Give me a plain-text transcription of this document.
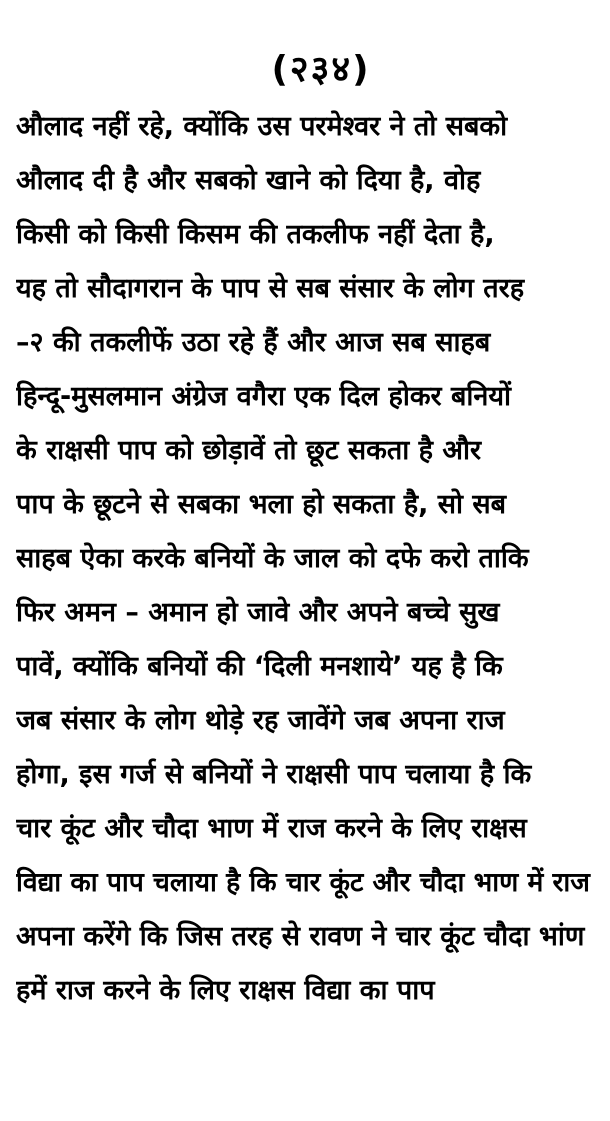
(२३४)
औलाद नहीं रहे, क्योंकि उस परमेश्वर ने तो सबको
औलाद दी है और सबको खाने को दिया है, वोह
किसी को किसी किसम की तकलीफ नहीं देता है,
यह तो सौदागरान के पाप से सब संसार के लोग तरह
–२ की तकलीफें उठा रहे हैं और आज सब साहब
हिन्दू-मुसलमान अंग्रेज वगैरा एक दिल होकर बनियों
के राक्षसी पाप को छोड़ावें तो छूट सकता है और
पाप के छूटने से सबका भला हो सकता है, सो सब
साहब ऐका करके बनियों के जाल को दफे करो ताकि
फिर अमन – अमान हो जावे और अपने बच्चे सुख
पावें, क्योंकि बनियों की ‘दिली मनशाये’ यह है कि
जब संसार के लोग थोड़े रह जावेंगे जब अपना राज
होगा, इस गर्ज से बनियों ने राक्षसी पाप चलाया है कि
चार कूंट और चौदा भाण में राज करने के लिए राक्षस
विद्या का पाप चलाया है कि चार कूंट और चौदा भाण में राज
अपना करेंगे कि जिस तरह से रावण ने चार कूंट चौदा भांण
हमें राज करने के लिए राक्षस विद्या का पाप
